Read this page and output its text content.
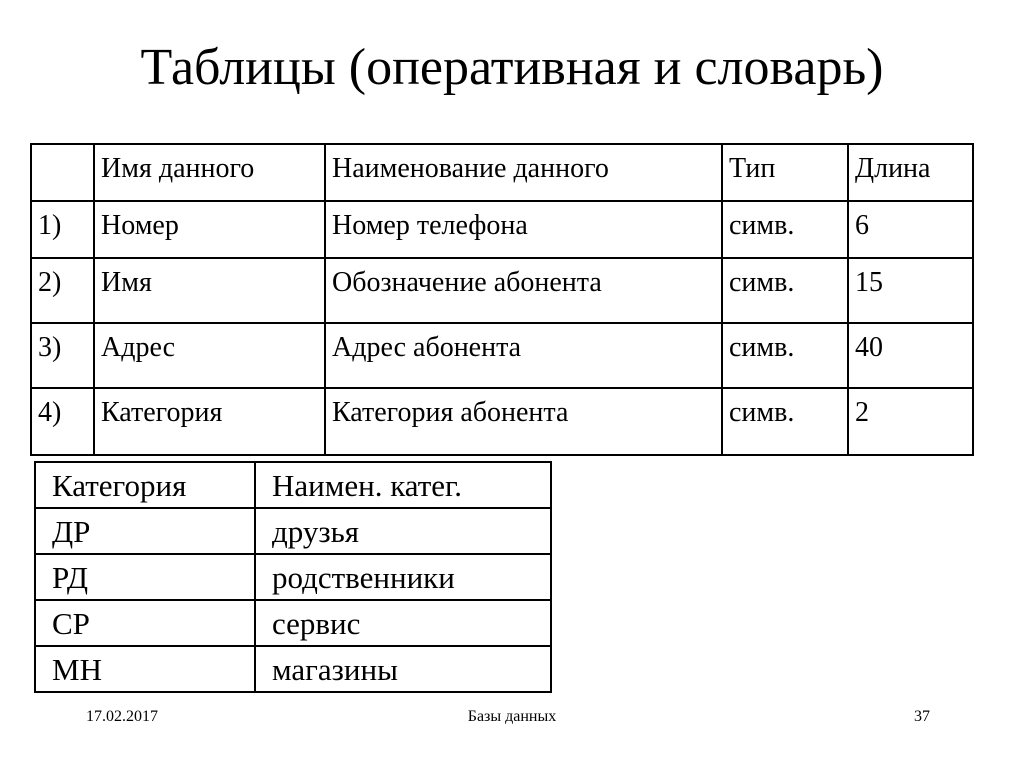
Таблицы (оперативная и словарь)
	Имя данного	Наименование данного	Тип	Длина
1)	Номер	Номер телефона	симв.	6
2)	Имя	Обозначение абонента	симв.	15
3)	Адрес	Адрес абонента	симв.	40
4)	Категория	Категория абонента	симв.	2
Категория	Наимен. катег.
ДР	друзья
РД	родственники
СР	сервис
МН	магазины
17.02.2017	Базы данных	37
